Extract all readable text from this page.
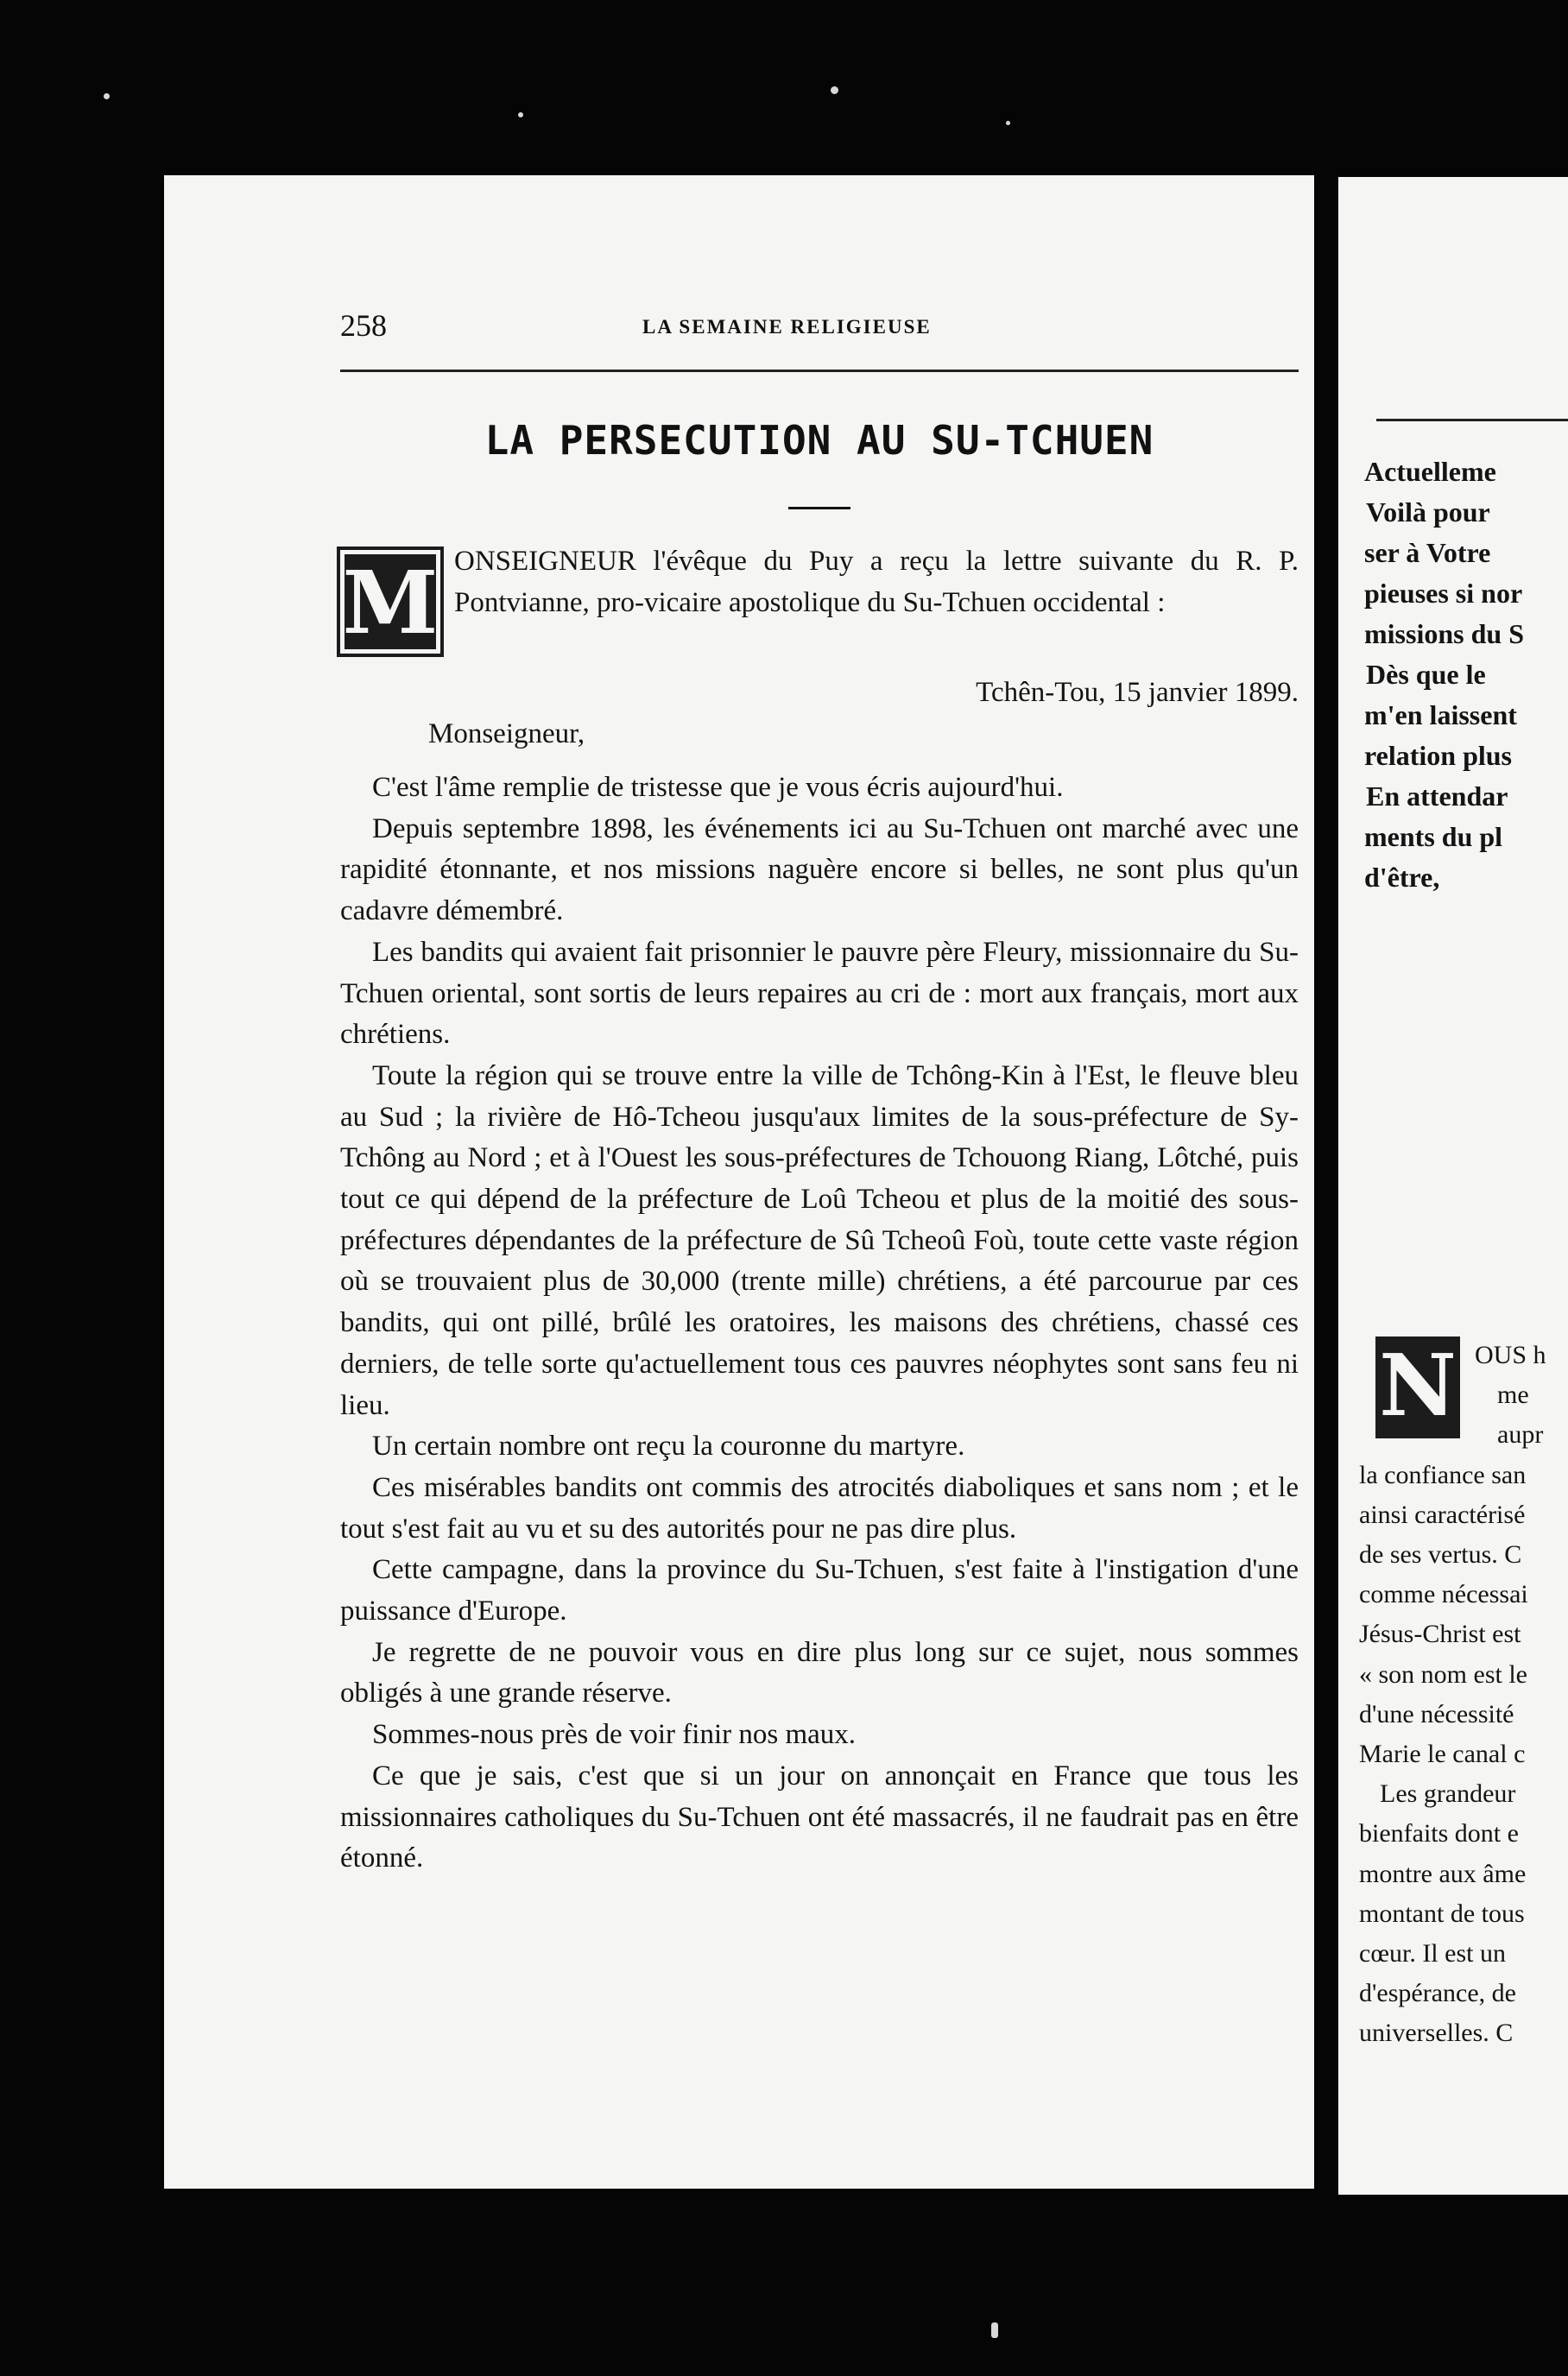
258	LA SEMAINE RELIGIEUSE
LA PERSECUTION AU SU-TCHUEN
M ONSEIGNEUR l'évêque du Puy a reçu la lettre suivante du R. P. Pontvianne, pro-vicaire apostolique du Su-Tchuen occidental :
Tchên-Tou, 15 janvier 1899.
Monseigneur,

C'est l'âme remplie de tristesse que je vous écris aujourd'hui.

Depuis septembre 1898, les événements ici au Su-Tchuen ont marché avec une rapidité étonnante, et nos missions naguère encore si belles, ne sont plus qu'un cadavre démembré.

Les bandits qui avaient fait prisonnier le pauvre père Fleury, missionnaire du Su-Tchuen oriental, sont sortis de leurs repaires au cri de : mort aux français, mort aux chrétiens.

Toute la région qui se trouve entre la ville de Tchông-Kin à l'Est, le fleuve bleu au Sud ; la rivière de Hô-Tcheou jusqu'aux limites de la sous-préfecture de Sy-Tchông au Nord ; et à l'Ouest les sous-préfectures de Tchouong Riang, Lôtché, puis tout ce qui dépend de la préfecture de Loû Tcheou et plus de la moitié des sous-préfectures dépendantes de la préfecture de Sû Tcheoû Foù, toute cette vaste région où se trouvaient plus de 30,000 (trente mille) chrétiens, a été parcourue par ces bandits, qui ont pillé, brûlé les oratoires, les maisons des chrétiens, chassé ces derniers, de telle sorte qu'actuellement tous ces pauvres néophytes sont sans feu ni lieu.

Un certain nombre ont reçu la couronne du martyre.

Ces misérables bandits ont commis des atrocités diaboliques et sans nom ; et le tout s'est fait au vu et su des autorités pour ne pas dire plus.

Cette campagne, dans la province du Su-Tchuen, s'est faite à l'instigation d'une puissance d'Europe.

Je regrette de ne pouvoir vous en dire plus long sur ce sujet, nous sommes obligés à une grande réserve.

Sommes-nous près de voir finir nos maux.

Ce que je sais, c'est que si un jour on annonçait en France que tous les missionnaires catholiques du Su-Tchuen ont été massacrés, il ne faudrait pas en être étonné.

Actuelleme
Voilà pour
ser à Votre
pieuses si nor
missions du S
Dès que le
m'en laissent
relation plus
En attendar
ments du pl
d'être,
N OUS h
me
aupr
la confiance san
ainsi caractérisé
de ses vertus. C
comme nécessai
Jésus-Christ est
« son nom est le
d'une nécessité
Marie le canal c
Les grandeur
bienfaits dont e
montre aux âme
montant de tous
cœur. Il est un
d'espérance, de
universelles. C
